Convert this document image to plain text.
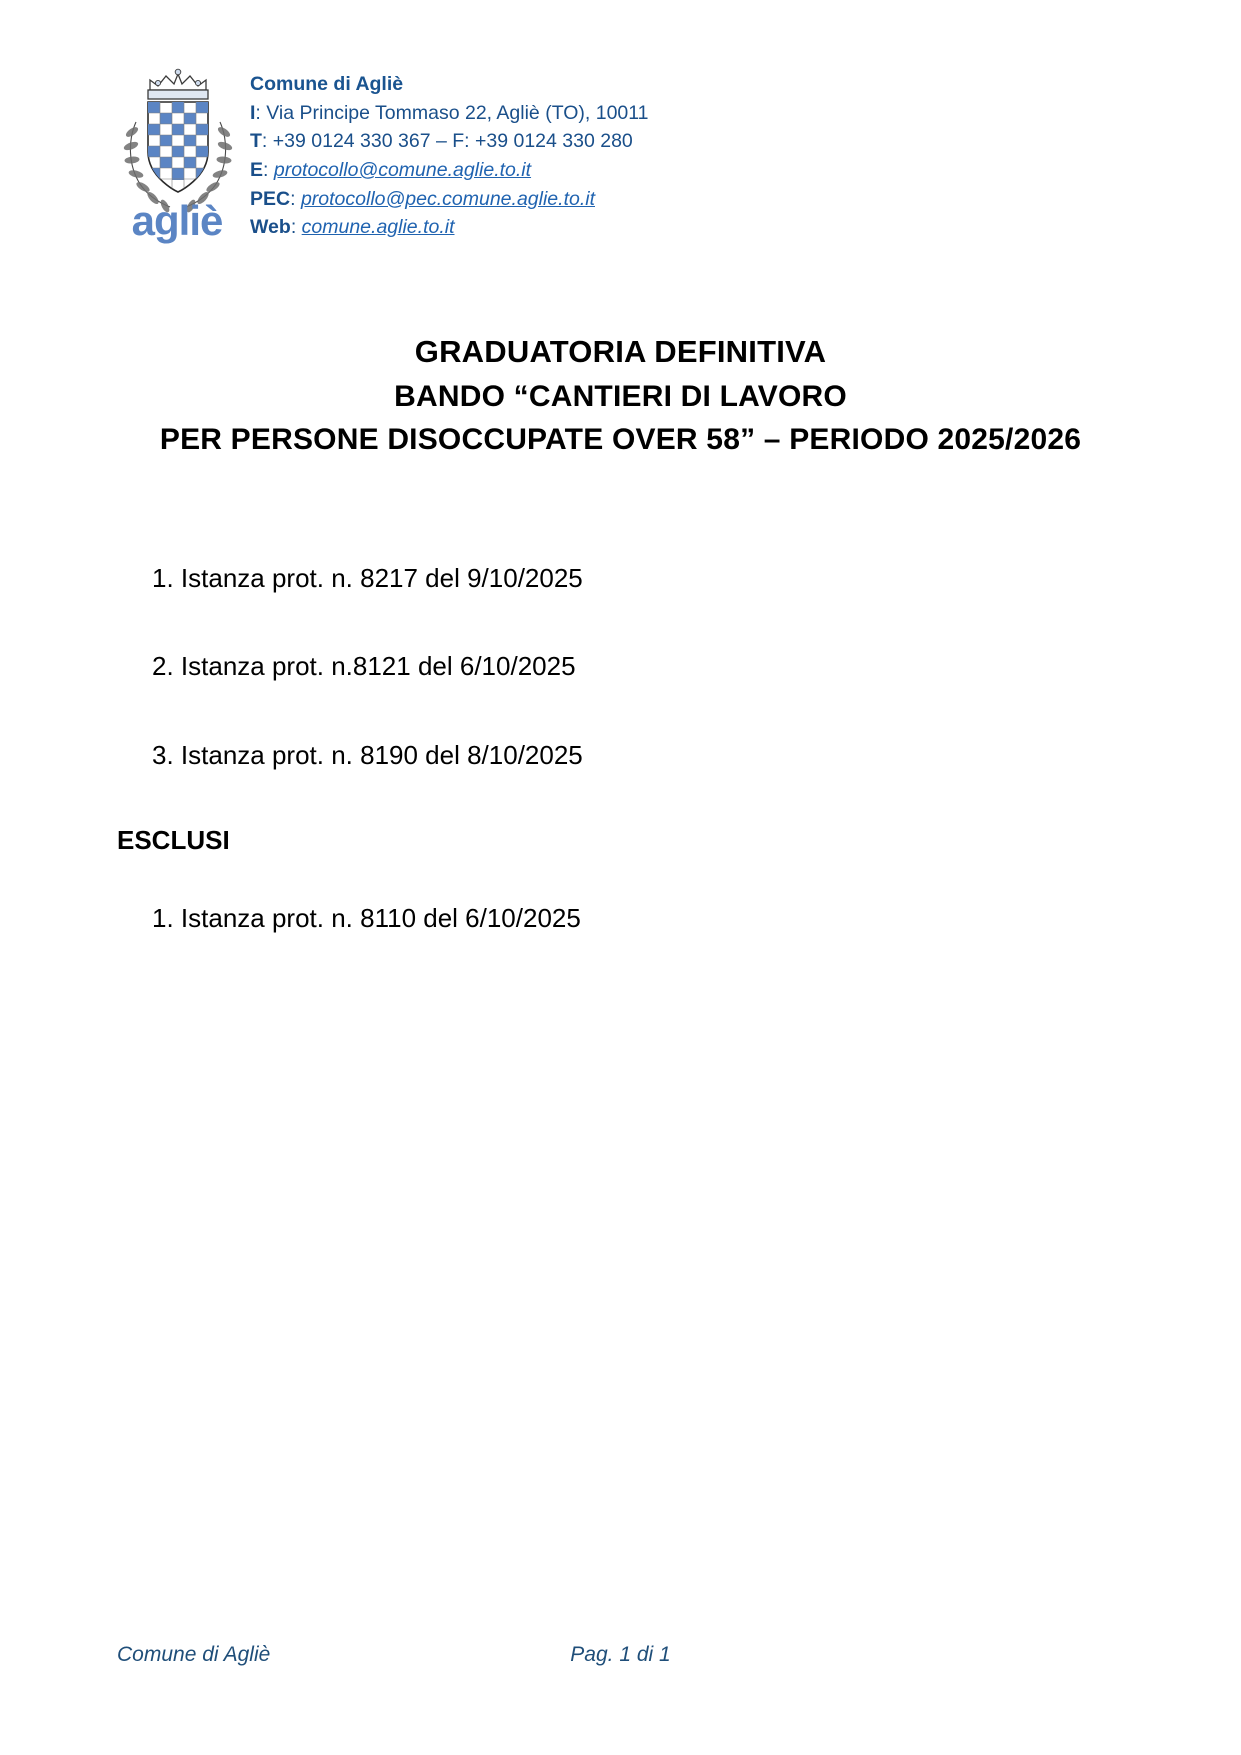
agliè
Comune di Agliè
I: Via Principe Tommaso 22, Agliè (TO), 10011
T: +39 0124 330 367 – F: +39 0124 330 280
E: protocollo@comune.aglie.to.it
PEC: protocollo@pec.comune.aglie.to.it
Web: comune.aglie.to.it
GRADUATORIA DEFINITIVA
BANDO “CANTIERI DI LAVORO
PER PERSONE DISOCCUPATE OVER 58” – PERIODO 2025/2026
1. Istanza prot. n. 8217 del 9/10/2025
2. Istanza prot. n.8121 del 6/10/2025
3. Istanza prot. n. 8190 del 8/10/2025
ESCLUSI
1. Istanza prot. n. 8110 del 6/10/2025
Comune di Agliè	Pag. 1 di 1
